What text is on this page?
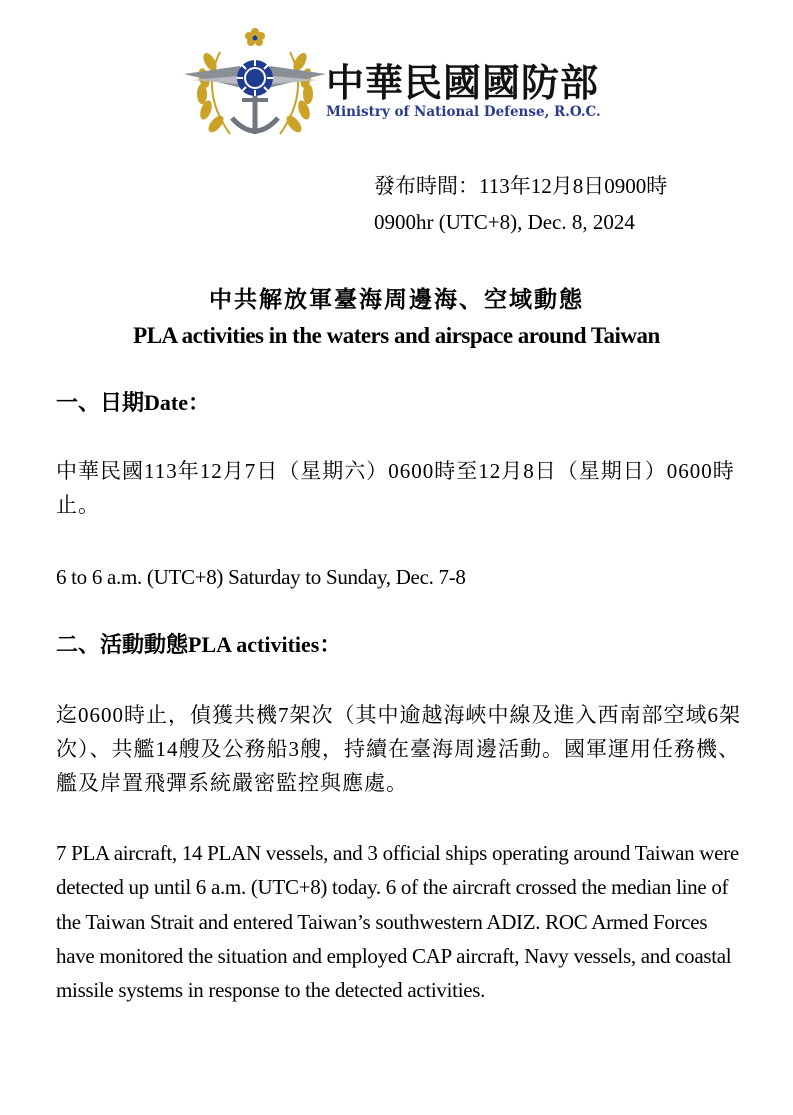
中華民國國防部
Ministry of National Defense, R.O.C.
發布時間：113年12月8日0900時
0900hr (UTC+8), Dec. 8, 2024
中共解放軍臺海周邊海、空域動態
PLA activities in the waters and airspace around Taiwan
一、日期Date：
中華民國113年12月7日（星期六）0600時至12月8日（星期日）0600時止。
6 to 6 a.m. (UTC+8) Saturday to Sunday, Dec. 7-8
二、活動動態PLA activities：
迄0600時止，偵獲共機7架次（其中逾越海峽中線及進入西南部空域6架次）、共艦14艘及公務船3艘，持續在臺海周邊活動。國軍運用任務機、艦及岸置飛彈系統嚴密監控與應處。
7 PLA aircraft, 14 PLAN vessels, and 3 official ships operating around Taiwan were detected up until 6 a.m. (UTC+8) today. 6 of the aircraft crossed the median line of the Taiwan Strait and entered Taiwan’s southwestern ADIZ. ROC Armed Forces have monitored the situation and employed CAP aircraft, Navy vessels, and coastal missile systems in response to the detected activities.
